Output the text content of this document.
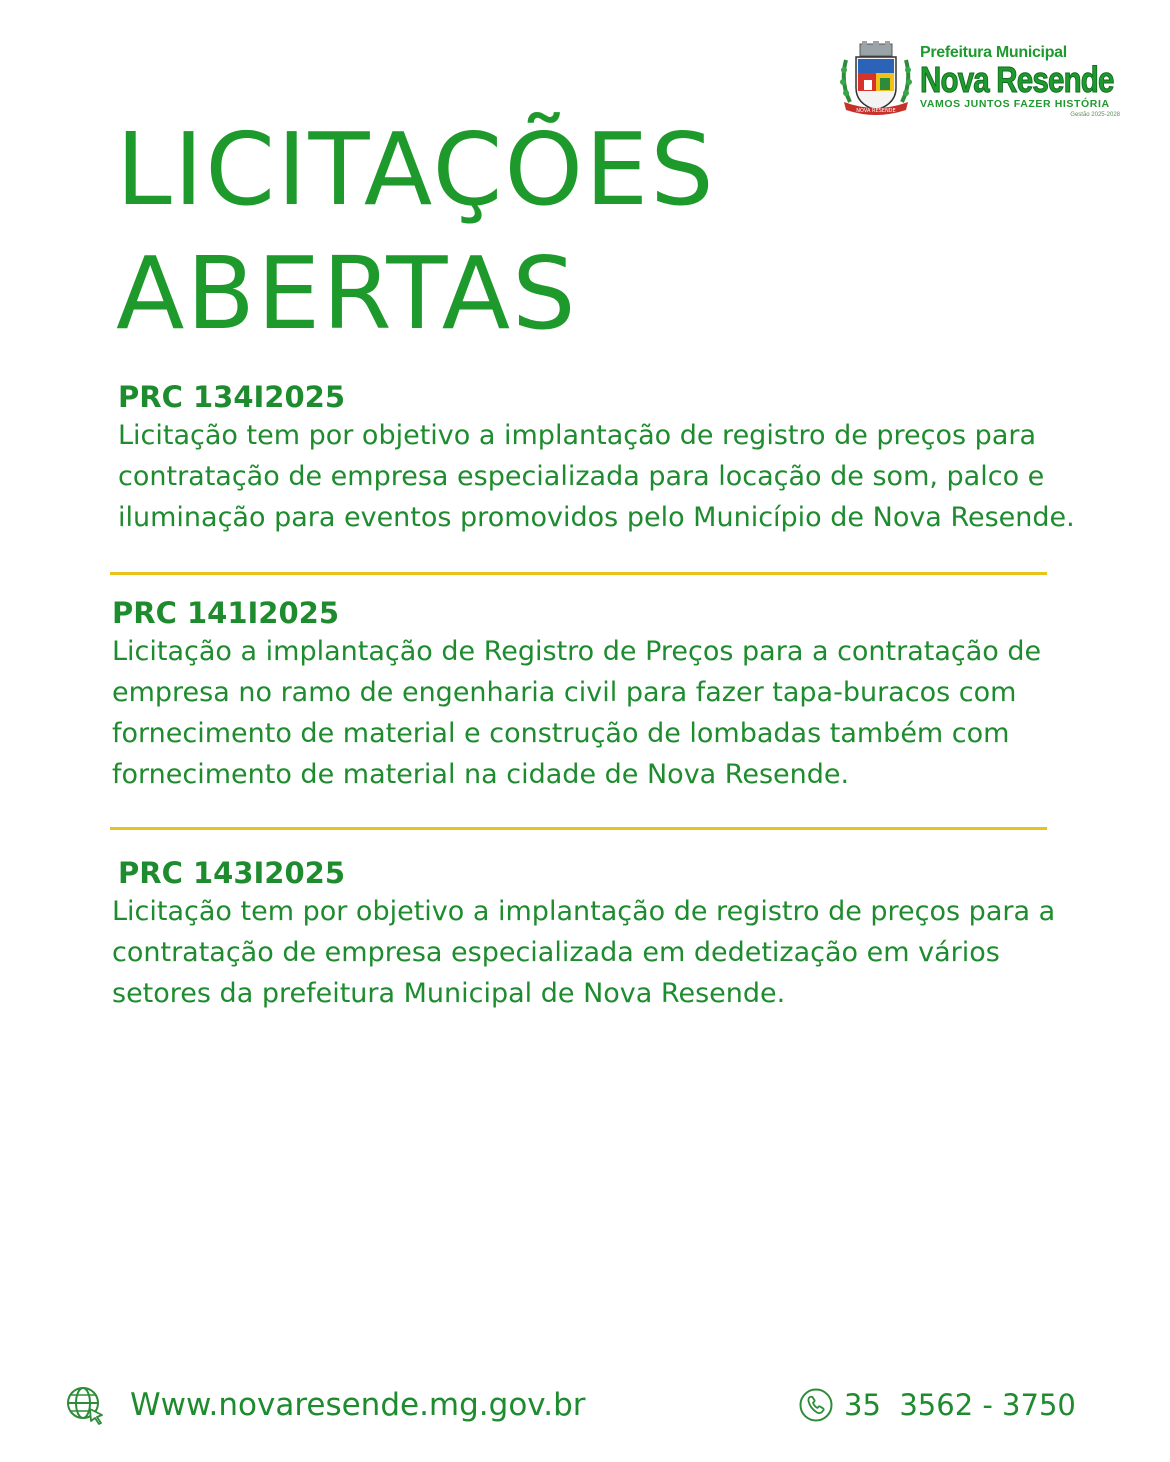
NOVA RESENDE
Prefeitura Municipal
Nova Resende
VAMOS JUNTOS FAZER HISTÓRIA
Gestão 2025-2028
LICITAÇÕES
ABERTAS
PRC 134I2025
Licitação tem por objetivo a implantação de registro de preços para
contratação de empresa especializada para locação de som, palco e
iluminação para eventos promovidos pelo Município de Nova Resende.
PRC 141I2025
Licitação a implantação de Registro de Preços para a contratação de
empresa no ramo de engenharia civil para fazer tapa-buracos com
fornecimento de material e construção de lombadas também com
fornecimento de material na cidade de Nova Resende.
PRC 143I2025
Licitação tem por objetivo a implantação de registro de preços para a
contratação de empresa especializada em dedetização em vários
setores da prefeitura Municipal de Nova Resende.
Www.novaresende.mg.gov.br	35  3562 - 3750
